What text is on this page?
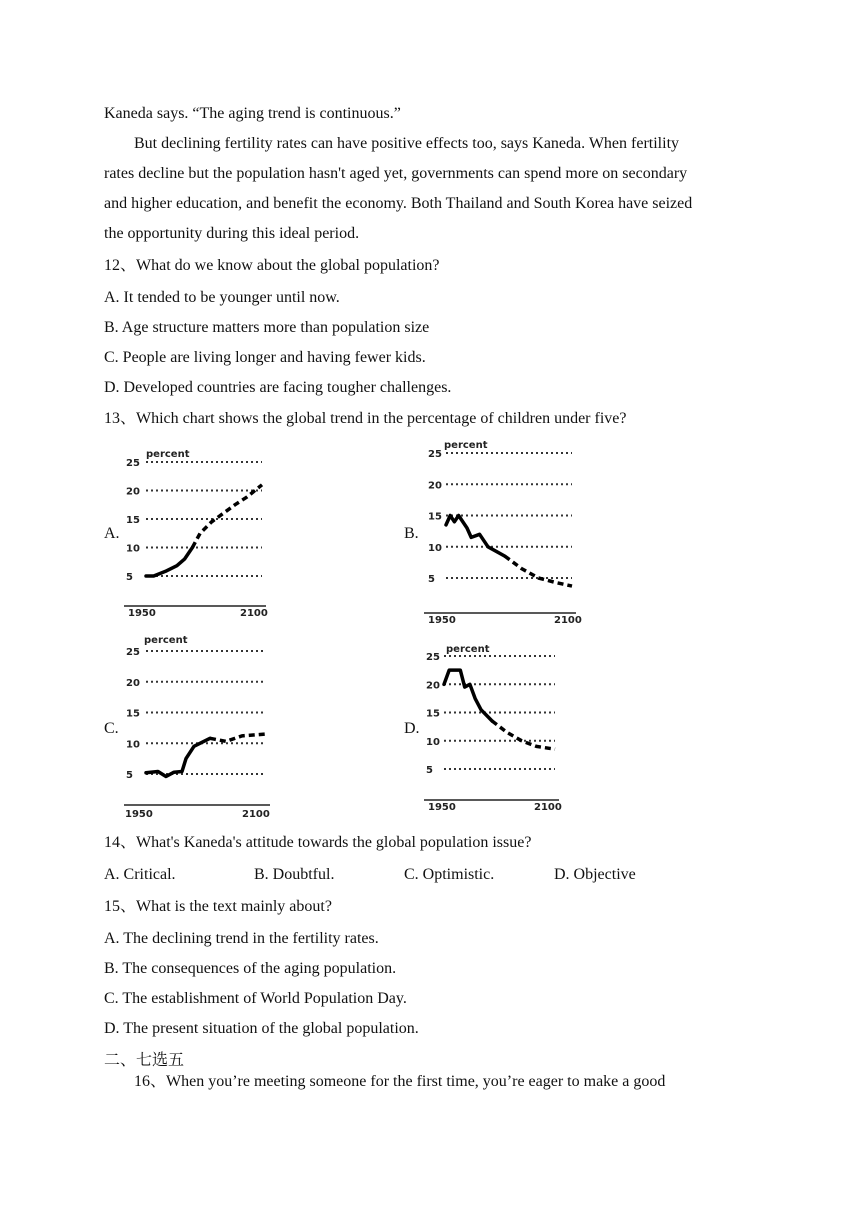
Kaneda says. “The aging trend is continuous.”
But declining fertility rates can have positive effects too, says Kaneda. When fertility
rates decline but the population hasn't aged yet, governments can spend more on secondary
and higher education, and benefit the economy. Both Thailand and South Korea have seized
the opportunity during this ideal period.
12、What do we know about the global population?
A. It tended to be younger until now.
B. Age structure matters more than population size
C. People are living longer and having fewer kids.
D. Developed countries are facing tougher challenges.
13、Which chart shows the global trend in the percentage of children under five?
A.	B.
C.	D.
5
10
15
20
25
percent
1950	2100
5
10
15
20
25
percent
1950	2100
5
10
15
20
25
percent
1950	2100
5
10
15
20
25
percent
1950	2100
14、What's Kaneda's attitude towards the global population issue?
A. Critical.	B. Doubtful.	C. Optimistic.	D. Objective
15、What is the text mainly about?
A. The declining trend in the fertility rates.
B. The consequences of the aging population.
C. The establishment of World Population Day.
D. The present situation of the global population.
二、七选五
16、When you’re meeting someone for the first time, you’re eager to make a good
